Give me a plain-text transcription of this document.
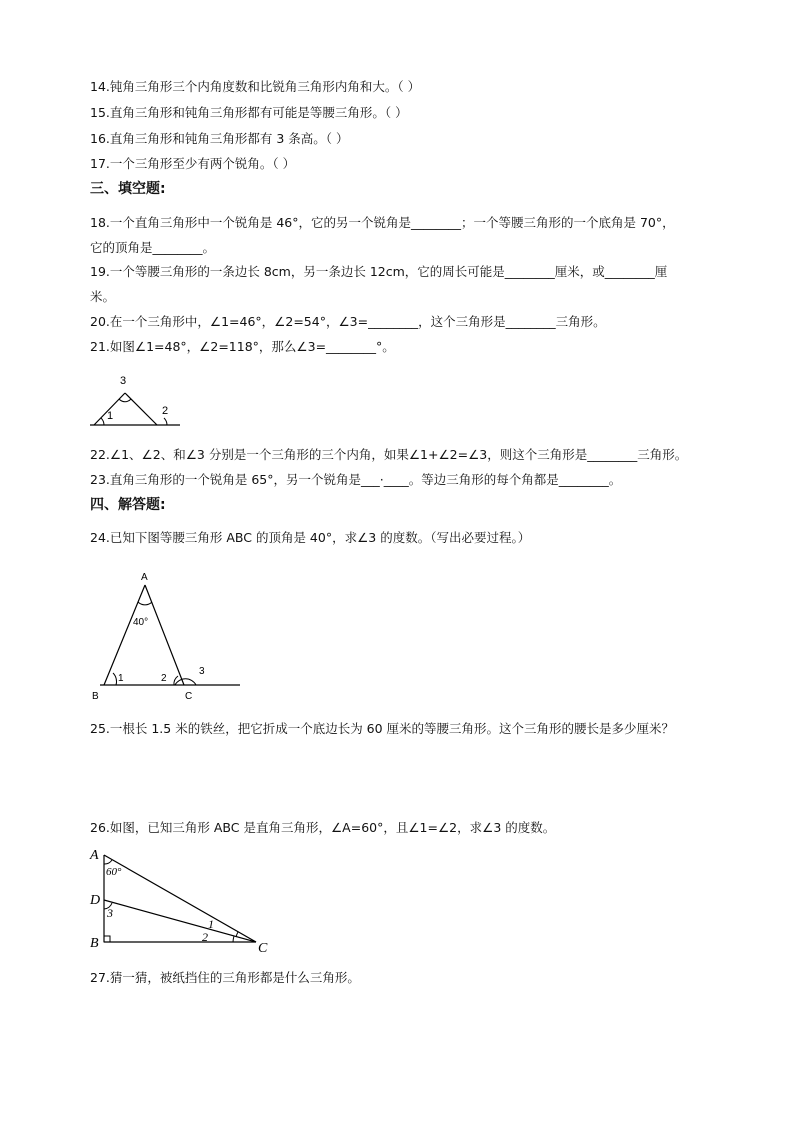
14.钝角三角形三个内角度数和比锐角三角形内角和大。（ ）
15.直角三角形和钝角三角形都有可能是等腰三角形。（ ）
16.直角三角形和钝角三角形都有 3 条高。（ ）
17.一个三角形至少有两个锐角。（ ）
三、填空题:
18.一个直角三角形中一个锐角是 46°，它的另一个锐角是________；一个等腰三角形的一个底角是 70°，
它的顶角是________。
19.一个等腰三角形的一条边长 8cm，另一条边长 12cm，它的周长可能是________厘米，或________厘
米。
20.在一个三角形中，∠1=46°，∠2=54°，∠3=________，这个三角形是________三角形。
21.如图∠1=48°，∠2=118°，那么∠3=________°。
3
1	2
22.∠1、∠2、和∠3 分别是一个三角形的三个内角，如果∠1+∠2=∠3，则这个三角形是________三角形。
23.直角三角形的一个锐角是 65°，另一个锐角是___·____。等边三角形的每个角都是________。
四、解答题:
24.已知下图等腰三角形 ABC 的顶角是 40°，求∠3 的度数。（写出必要过程。）
A
40°
1	2
3
B	C
25.一根长 1.5 米的铁丝，把它折成一个底边长为 60 厘米的等腰三角形。这个三角形的腰长是多少厘米？
26.如图，已知三角形 ABC 是直角三角形，∠A=60°，且∠1=∠2，求∠3 的度数。
A
60°
D
3
B
1
2
C
27.猜一猜，被纸挡住的三角形都是什么三角形。
